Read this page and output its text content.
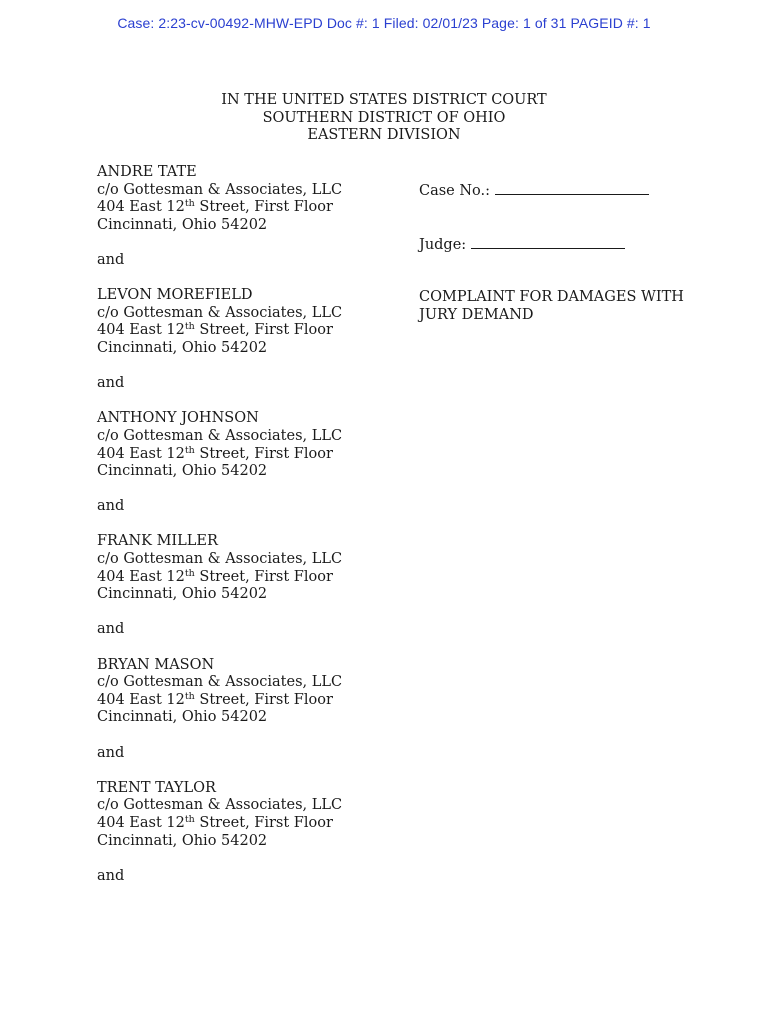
Case: 2:23-cv-00492-MHW-EPD Doc #: 1 Filed: 02/01/23 Page: 1 of 31 PAGEID #: 1
IN THE UNITED STATES DISTRICT COURT
SOUTHERN DISTRICT OF OHIO
EASTERN DIVISION
ANDRE TATE
c/o Gottesman & Associates, LLC
404 East 12th Street, First Floor
Cincinnati, Ohio 54202
and
LEVON MOREFIELD
c/o Gottesman & Associates, LLC
404 East 12th Street, First Floor
Cincinnati, Ohio 54202
and
ANTHONY JOHNSON
c/o Gottesman & Associates, LLC
404 East 12th Street, First Floor
Cincinnati, Ohio 54202
and
FRANK MILLER
c/o Gottesman & Associates, LLC
404 East 12th Street, First Floor
Cincinnati, Ohio 54202
and
BRYAN MASON
c/o Gottesman & Associates, LLC
404 East 12th Street, First Floor
Cincinnati, Ohio 54202
and
TRENT TAYLOR
c/o Gottesman & Associates, LLC
404 East 12th Street, First Floor
Cincinnati, Ohio 54202
and
Case No.:
Judge:
COMPLAINT FOR DAMAGES WITH
JURY DEMAND
